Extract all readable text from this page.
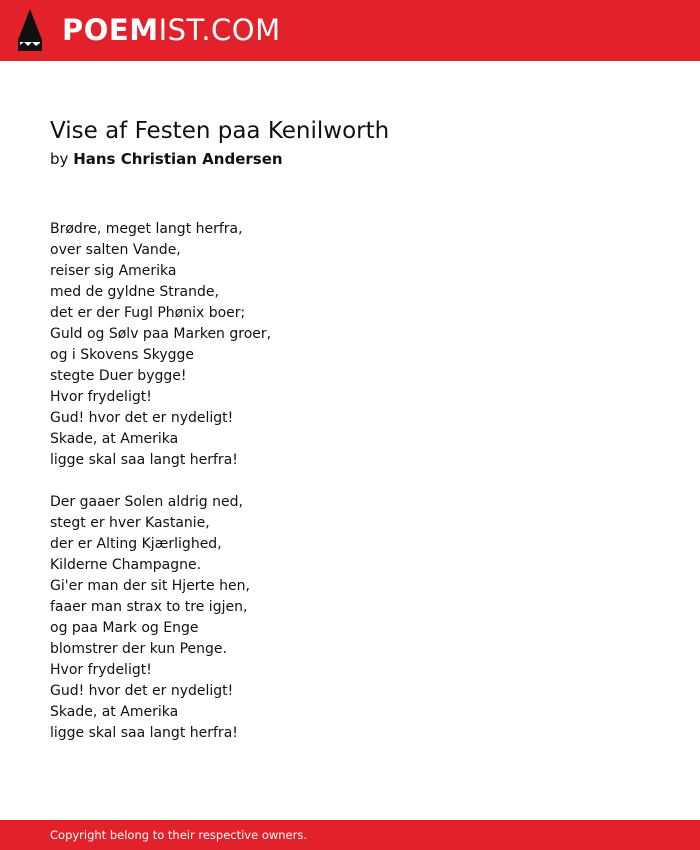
POEMIST.COM
Vise af Festen paa Kenilworth
by Hans Christian Andersen
Brødre, meget langt herfra,
over salten Vande,
reiser sig Amerika
med de gyldne Strande,
det er der Fugl Phønix boer;
Guld og Sølv paa Marken groer,
og i Skovens Skygge
stegte Duer bygge!
Hvor frydeligt!
Gud! hvor det er nydeligt!
Skade, at Amerika
ligge skal saa langt herfra!
Der gaaer Solen aldrig ned,
stegt er hver Kastanie,
der er Alting Kjærlighed,
Kilderne Champagne.
Gi'er man der sit Hjerte hen,
faaer man strax to tre igjen,
og paa Mark og Enge
blomstrer der kun Penge.
Hvor frydeligt!
Gud! hvor det er nydeligt!
Skade, at Amerika
ligge skal saa langt herfra!
Copyright belong to their respective owners.
